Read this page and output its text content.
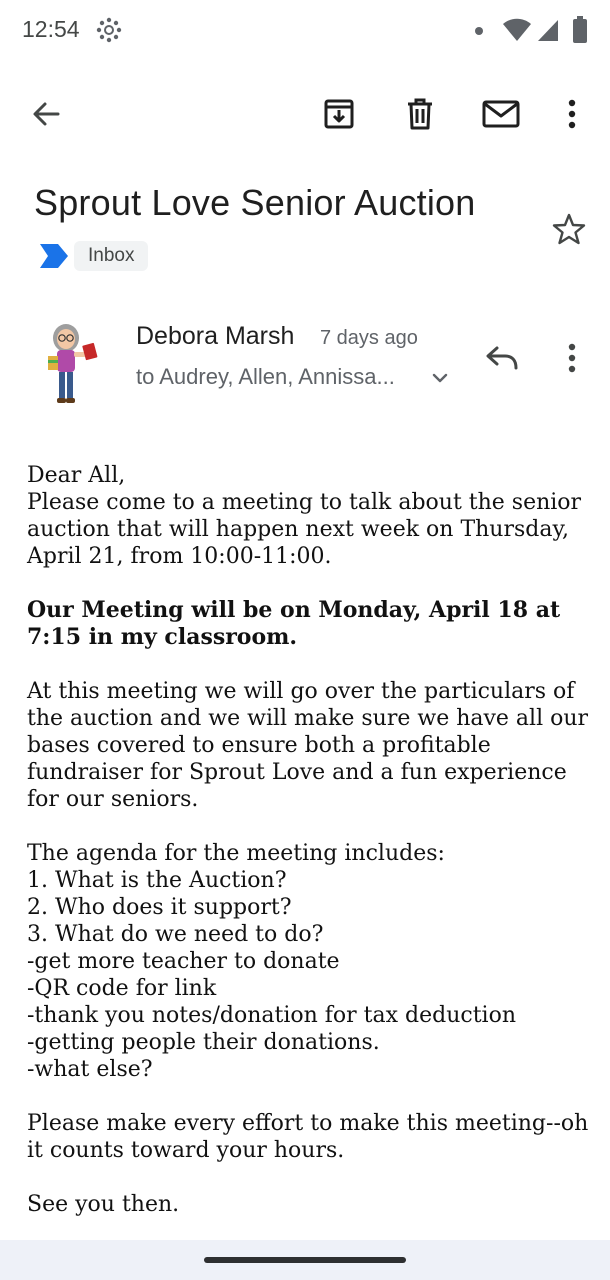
12:54
Sprout Love Senior Auction
Inbox
Debora Marsh 7 days ago
to Audrey, Allen, Annissa...

Dear All,

Please come to a meeting to talk about the senior auction that will happen next week on Thursday, April 21, from 10:00-11:00.

Our Meeting will be on Monday, April 18 at 7:15 in my classroom.

At this meeting we will go over the particulars of the auction and we will make sure we have all our bases covered to ensure both a profitable fundraiser for Sprout Love and a fun experience for our seniors.

The agenda for the meeting includes:

1. What is the Auction?

2. Who does it support?

3. What do we need to do?

-get more teacher to donate

-QR code for link

-thank you notes/donation for tax deduction

-getting people their donations.

-what else?

Please make every effort to make this meeting--oh it counts toward your hours.

See you then.
